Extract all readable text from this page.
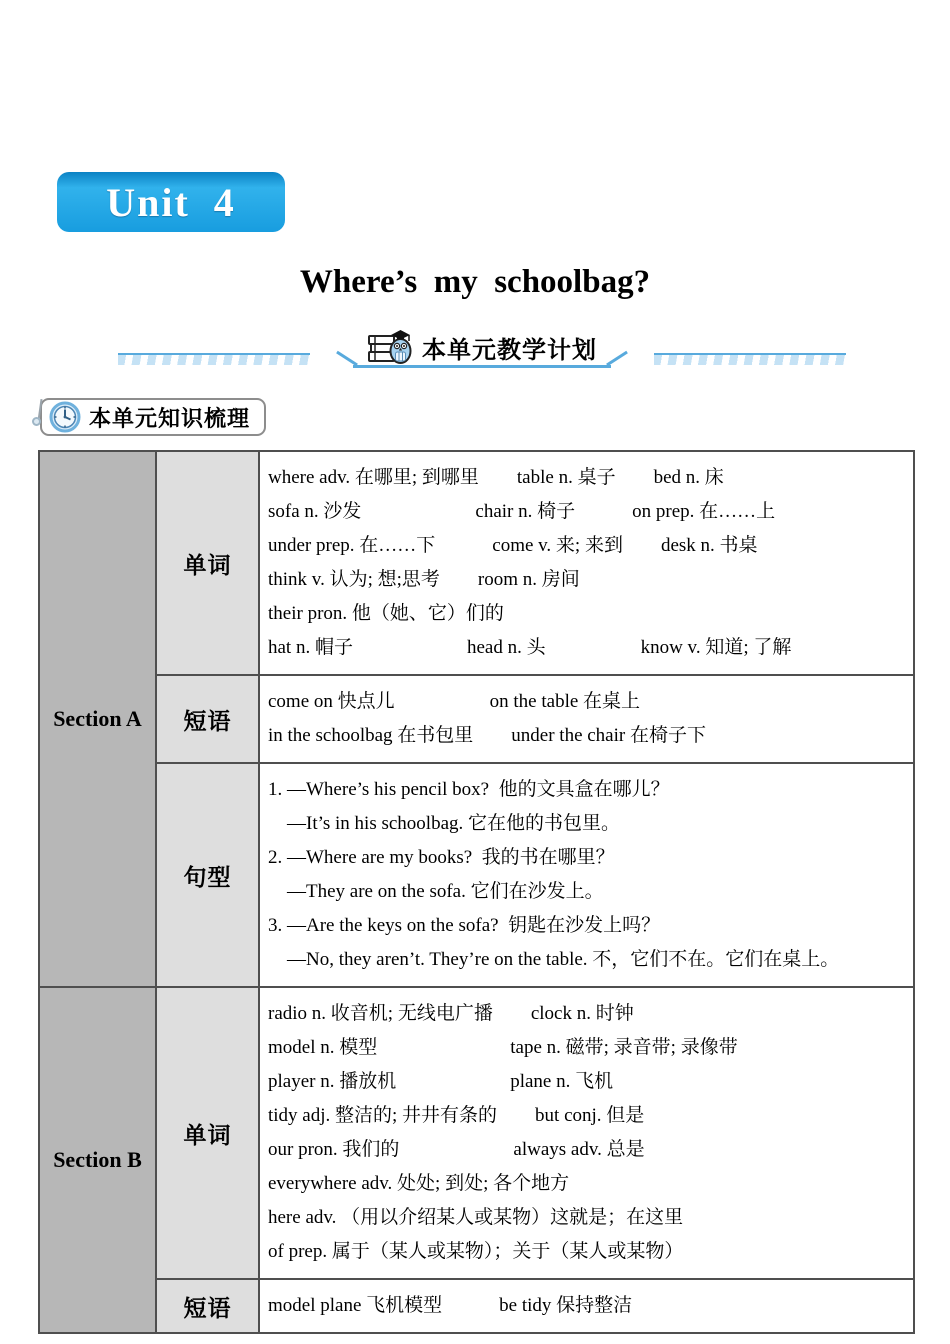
Unit  4
Where’s  my  schoolbag?
本单元教学计划
本单元知识梳理
Section A
单词
where adv. 在哪里; 到哪里　　table n. 桌子　　bed n. 床
sofa n. 沙发　　　　　　chair n. 椅子　　　on prep. 在……上
under prep. 在……下　　　come v. 来; 来到　　desk n. 书桌
think v. 认为; 想;思考　　room n. 房间
their pron. 他（她、它）们的
hat n. 帽子　　　　　　head n. 头　　　　　know v. 知道; 了解
短语
come on 快点儿　　　　　on the table 在桌上
in the schoolbag 在书包里　　under the chair 在椅子下
句型
1. —Where’s his pencil box?  他的文具盒在哪儿？
　—It’s in his schoolbag. 它在他的书包里。
2. —Where are my books?  我的书在哪里？
　—They are on the sofa. 它们在沙发上。
3. —Are the keys on the sofa?  钥匙在沙发上吗？
　—No, they aren’t. They’re on the table. 不，它们不在。它们在桌上。
Section B
单词
radio n. 收音机; 无线电广播　　clock n. 时钟
model n. 模型　　　　　　　tape n. 磁带; 录音带; 录像带
player n. 播放机　　　　　　plane n. 飞机
tidy adj. 整洁的; 井井有条的　　but conj. 但是
our pron. 我们的　　　　　　always adv. 总是
everywhere adv. 处处; 到处; 各个地方
here adv. （用以介绍某人或某物）这就是；在这里
of prep. 属于（某人或某物）；关于（某人或某物）
短语	model plane 飞机模型　　　be tidy 保持整洁
